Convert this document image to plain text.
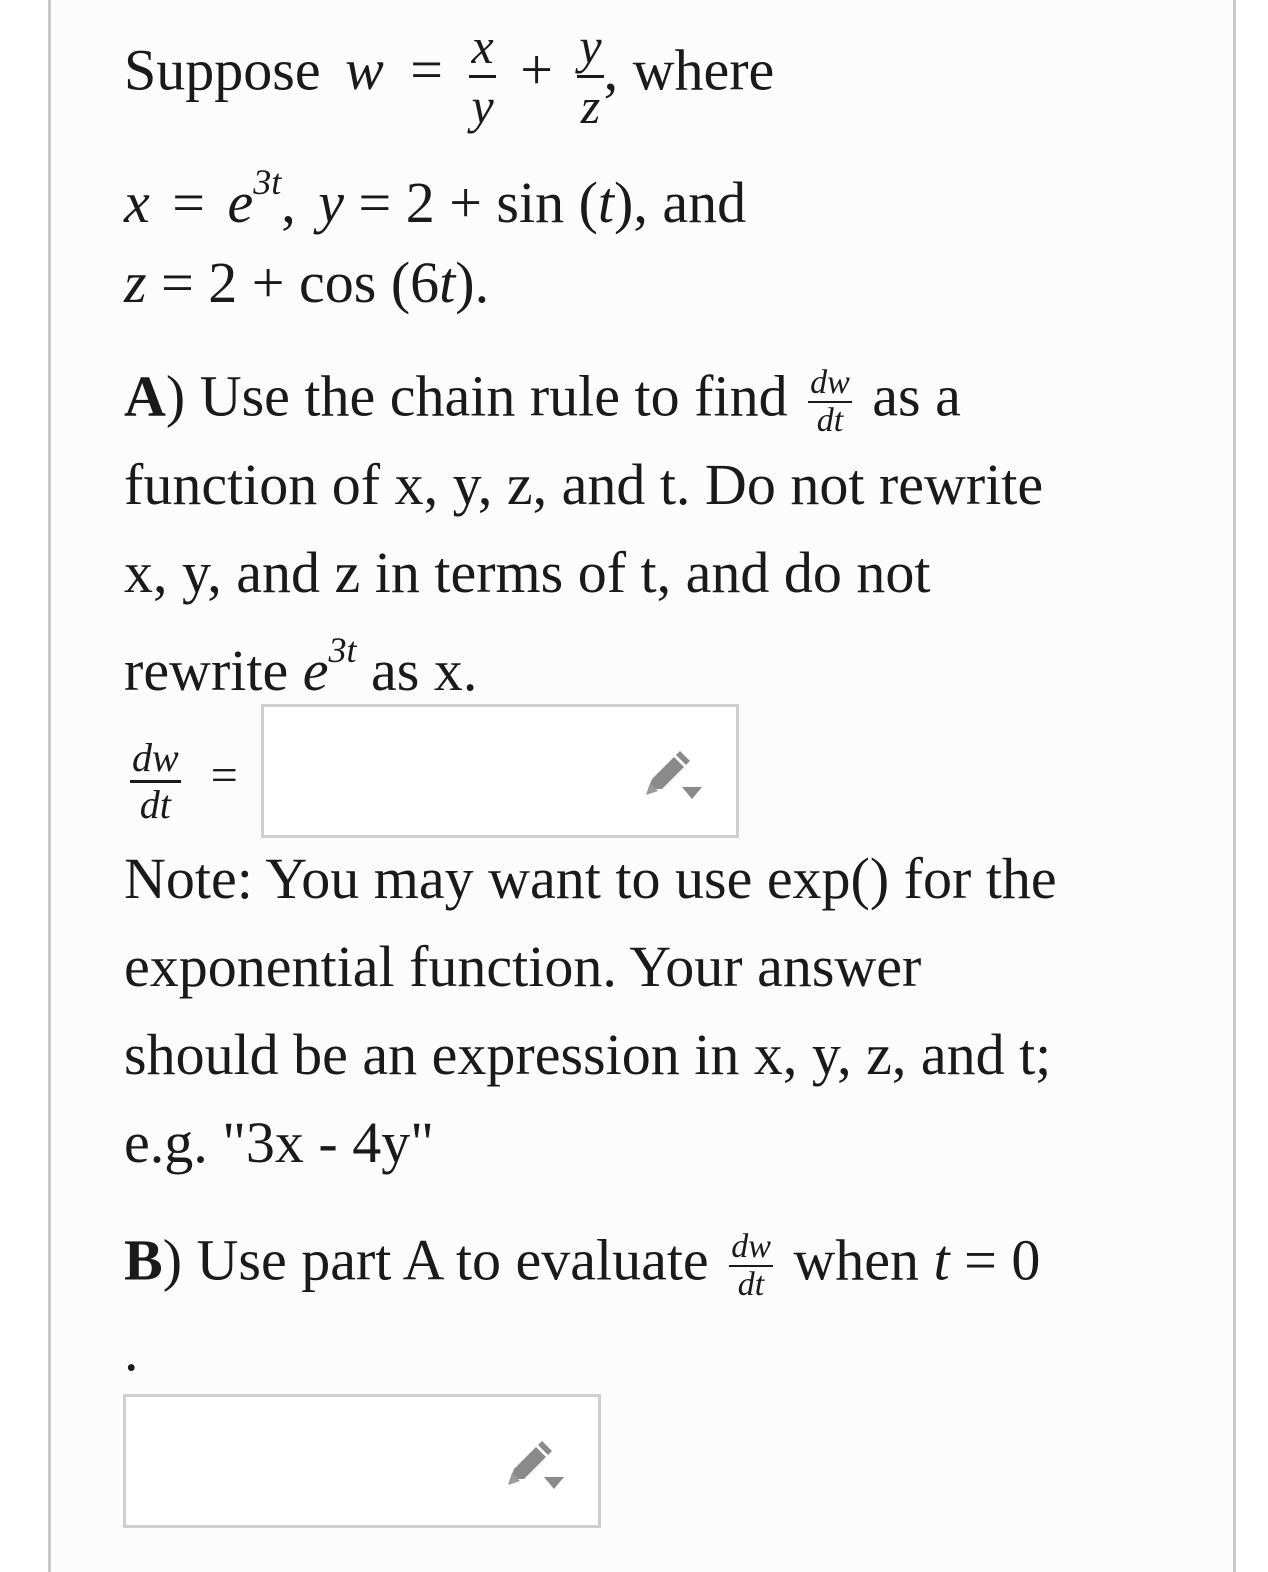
Suppose $w = \frac{x}{y} + \frac{y}{z}$ , where
$x = e^{3t}$, y = 2 + sin (t), and
z = 2 + cos (6t).
A) Use the chain rule to find $\frac{dw}{dt}$ as a
function of x, y, z, and t. Do not rewrite
x, y, and z in terms of t, and do not
rewrite $e^{3t}$ as x.
$\frac{dw}{dt}$ =
Note: You may want to use exp() for the
exponential function. Your answer
should be an expression in x, y, z, and t;
e.g. "3x - 4y"
B) Use part A to evaluate $\frac{dw}{dt}$ when t = 0
.
